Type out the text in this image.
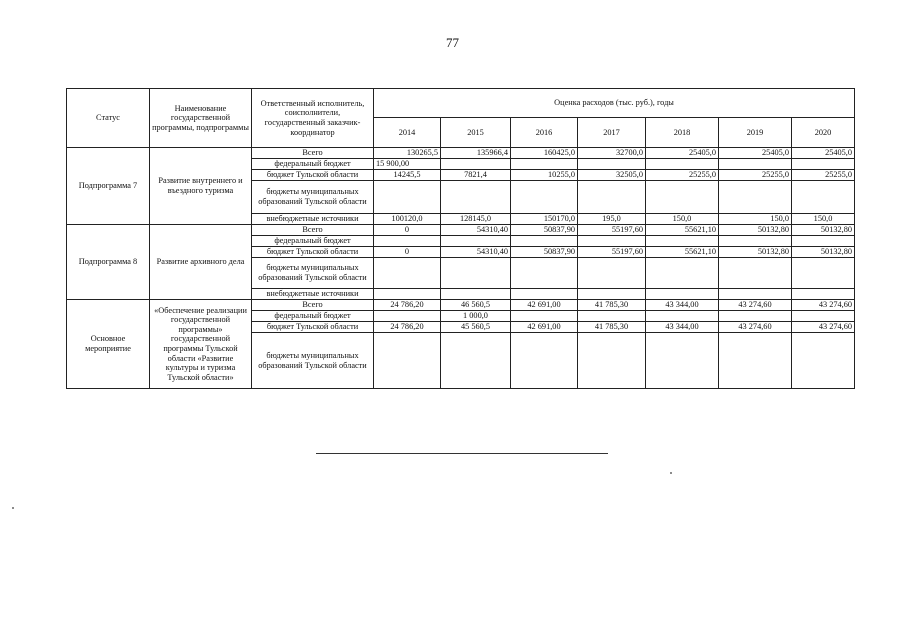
77
Статус	Наименование государственной программы, подпрограммы	Ответственный исполнитель, соисполнители, государственный заказчик-координатор	Оценка расходов (тыс. руб.), годы						
			2014	2015	2016	2017	2018	2019	2020
Подпрограмма 7	Развитие внутреннего и въездного туризма	Всего	130265,5	135966,4	160425,0	32700,0	25405,0	25405,0	25405,0
		федеральный бюджет	15 900,00						
		бюджет Тульской области	14245,5	7821,4	10255,0	32505,0	25255,0	25255,0	25255,0
		бюджеты муниципальных образований Тульской области							
		внебюджетные источники	100120,0	128145,0	150170,0	195,0	150,0	150,0	150,0
Подпрограмма 8	Развитие архивного дела	Всего	0	54310,40	50837,90	55197,60	55621,10	50132,80	50132,80
		федеральный бюджет							
		бюджет Тульской области	0	54310,40	50837,90	55197,60	55621,10	50132,80	50132,80
		бюджеты муниципальных образований Тульской области							
		внебюджетные источники							
Основное мероприятие	«Обеспечение реализации государственной программы» государственной программы Тульской области «Развитие культуры и туризма Тульской области»	Всего	24 786,20	46 560,5	42 691,00	41 785,30	43 344,00	43 274,60	43 274,60
		федеральный бюджет		1 000,0					
		бюджет Тульской области	24 786,20	45 560,5	42 691,00	41 785,30	43 344,00	43 274,60	43 274,60
		бюджеты муниципальных образований Тульской области							
